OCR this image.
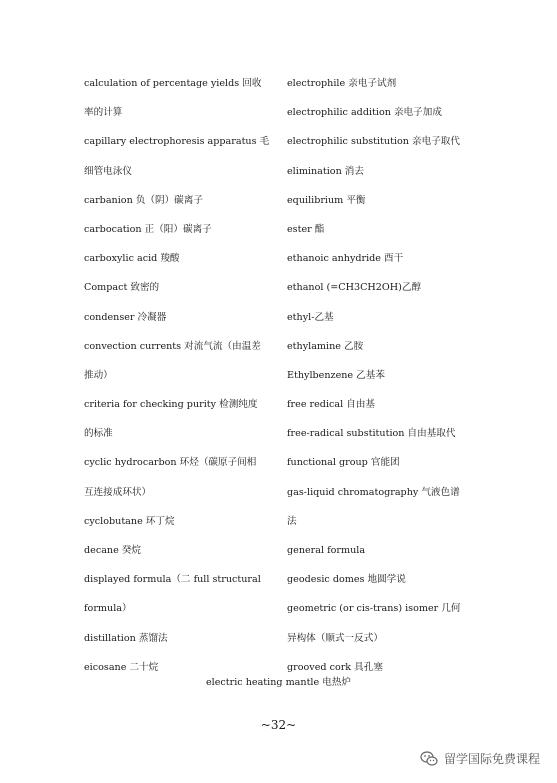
calculation of percentage yields 回收
率的计算
capillary electrophoresis apparatus 毛
细管电泳仪
carbanion 负（阴）碳离子
carbocation 正（阳）碳离子
carboxylic acid 羧酸
Compact 致密的
condenser 冷凝器
convection currents 对流气流（由温差
推动）
criteria for checking purity 检测纯度
的标准
cyclic hydrocarbon 环烃（碳原子间相
互连接成环状）
cyclobutane 环丁烷
decane 癸烷
displayed formula（二 full structural
formula）
distillation 蒸馏法
eicosane 二十烷
electrophile 亲电子试剂
electrophilic addition 亲电子加成
electrophilic substitution 亲电子取代
elimination 消去
equilibrium 平衡
ester 酯
ethanoic anhydride 酉干
ethanol (=CH3CH2OH)乙醇
ethyl-乙基
ethylamine 乙胺
Ethylbenzene 乙基苯
free redical 自由基
free-radical substitution 自由基取代
functional group 官能团
gas-liquid chromatography 气液色谱
法
general formula
geodesic domes 地圆学说
geometric (or cis-trans) isomer 几何
异构体（顺式一反式）
grooved cork 具孔塞
electric heating mantle 电热炉
~32~
留学国际免费课程
